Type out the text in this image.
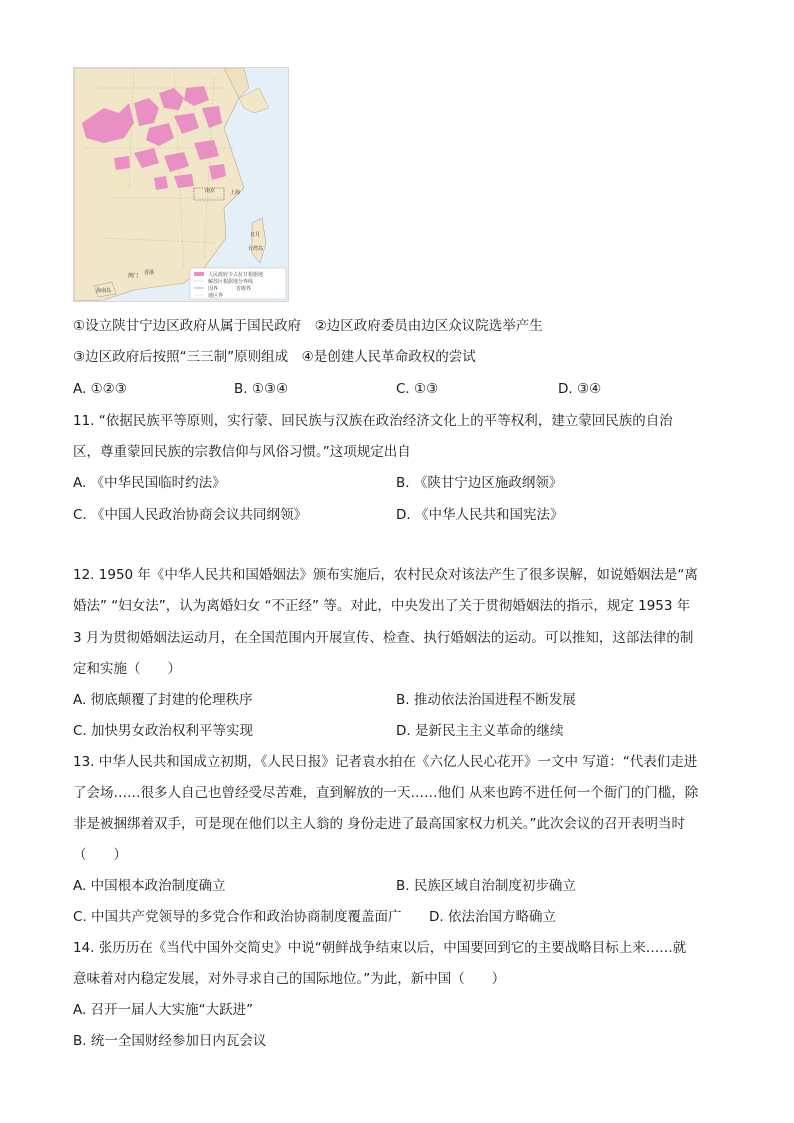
南京	上海
日月
台湾岛
澳门 香港
海南岛
人民政府少占抗日根据地
解放区根据地分界线
国界	省级界
地区界
①设立陕甘宁边区政府从属于国民政府　②边区政府委员由边区众议院选举产生
③边区政府后按照“三三制”原则组成　④是创建人民革命政权的尝试
A. ①②③	B. ①③④	C. ①③	D. ③④
11. “依据民族平等原则，实行蒙、回民族与汉族在政治经济文化上的平等权利，建立蒙回民族的自治
区，尊重蒙回民族的宗教信仰与风俗习惯。”这项规定出自
A. 《中华民国临时约法》	B. 《陕甘宁边区施政纲领》
C. 《中国人民政治协商会议共同纲领》	D. 《中华人民共和国宪法》
12. 1950 年《中华人民共和国婚姻法》颁布实施后，农村民众对该法产生了很多误解，如说婚姻法是“离
婚法” “妇女法”，认为离婚妇女 “不正经” 等。对此，中央发出了关于贯彻婚姻法的指示，规定 1953 年
3 月为贯彻婚姻法运动月，在全国范围内开展宣传、检查、执行婚姻法的运动。可以推知，这部法律的制
定和实施（　　）
A. 彻底颠覆了封建的伦理秩序	B. 推动依法治国进程不断发展
C. 加快男女政治权利平等实现	D. 是新民主主义革命的继续
13. 中华人民共和国成立初期，《人民日报》记者袁水拍在《六亿人民心花开》一文中 写道：“代表们走进
了会场……很多人自己也曾经受尽苦难，直到解放的一天……他们 从来也跨不进任何一个衙门的门槛，除
非是被捆绑着双手，可是现在他们以主人翁的 身份走进了最高国家权力机关。”此次会议的召开表明当时
（　　）
A. 中国根本政治制度确立	B. 民族区域自治制度初步确立
C. 中国共产党领导的多党合作和政治协商制度覆盖面广 D. 依法治国方略确立
14. 张历历在《当代中国外交简史》中说“朝鲜战争结束以后，中国要回到它的主要战略目标上来……就
意味着对内稳定发展，对外寻求自己的国际地位。”为此，新中国（　　）
A. 召开一届人大实施“大跃进”
B. 统一全国财经参加日内瓦会议
